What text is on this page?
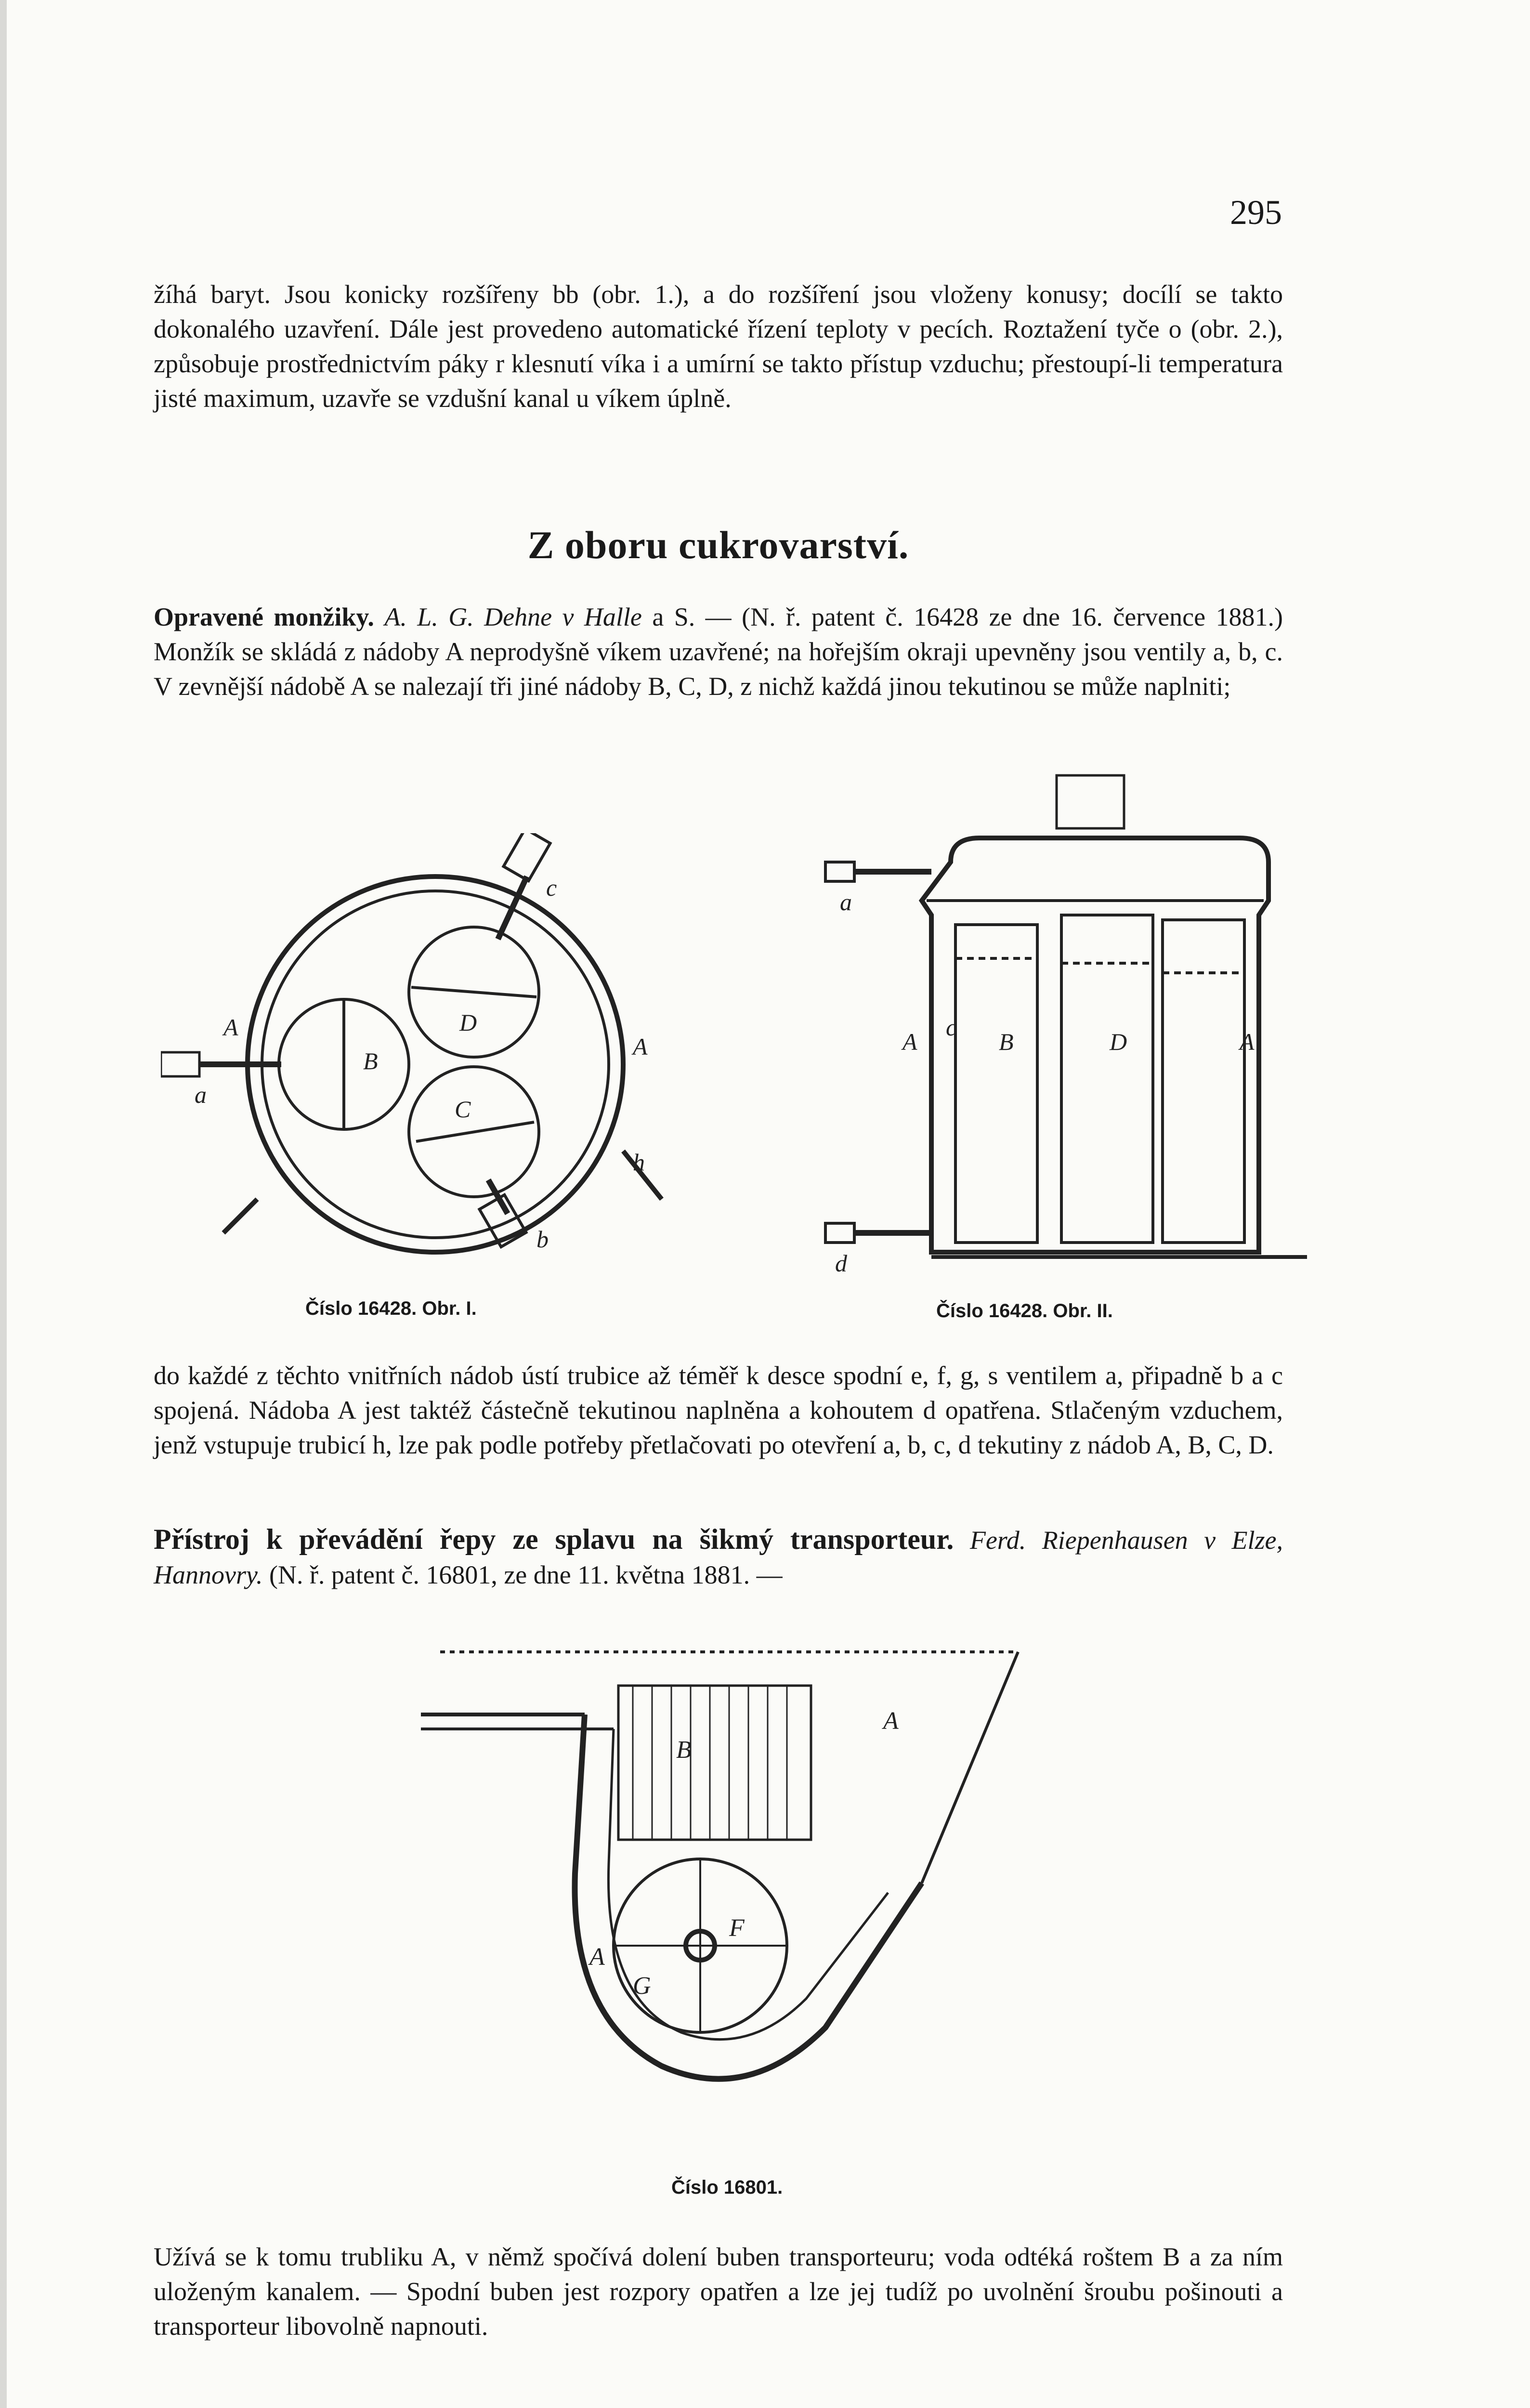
295

žíhá baryt. Jsou konicky rozšířeny bb (obr. 1.), a do rozšíření jsou vloženy konusy; docílí se takto dokonalého uzavření. Dále jest provedeno automatické řízení teploty v pecích. Roztažení tyče o (obr. 2.), způsobuje prostřednictvím páky r klesnutí víka i a umírní se takto přístup vzduchu; přestoupí-li temperatura jisté maximum, uzavře se vzdušní kanal u víkem úplně.

Z oboru cukrovarství.

Opravené monžiky. A. L. G. Dehne v Halle a S. — (N. ř. patent č. 16428 ze dne 16. července 1881.) Monžík se skládá z nádoby A neprodyšně víkem uzavřené; na hořejším okraji upevněny jsou ventily a, b, c. V zevnější nádobě A se nalezají tři jiné nádoby B, C, D, z nichž každá jinou tekutinou se může naplniti;

A
B
D
C
A
a
c
h
b
a
c
A	B	D	A
d
Číslo 16428. Obr. I.	Číslo 16428. Obr. II.

do každé z těchto vnitřních nádob ústí trubice až téměř k desce spodní e, f, g, s ventilem a, připadně b a c spojená. Nádoba A jest taktéž částečně tekutinou naplněna a kohoutem d opatřena. Stlačeným vzduchem, jenž vstupuje trubicí h, lze pak podle potřeby přetlačovati po otevření a, b, c, d tekutiny z nádob A, B, C, D.

Přístroj k převádění řepy ze splavu na šikmý transporteur. Ferd. Riepenhausen v Elze, Hannovry. (N. ř. patent č. 16801, ze dne 11. května 1881. —

B
A
A
F
G
Číslo 16801.

Užívá se k tomu trubliku A, v němž spočívá dolení buben transporteuru; voda odtéká roštem B a za ním uloženým kanalem. — Spodní buben jest rozpory opatřen a lze jej tudíž po uvolnění šroubu pošinouti a transporteur libovolně napnouti.
